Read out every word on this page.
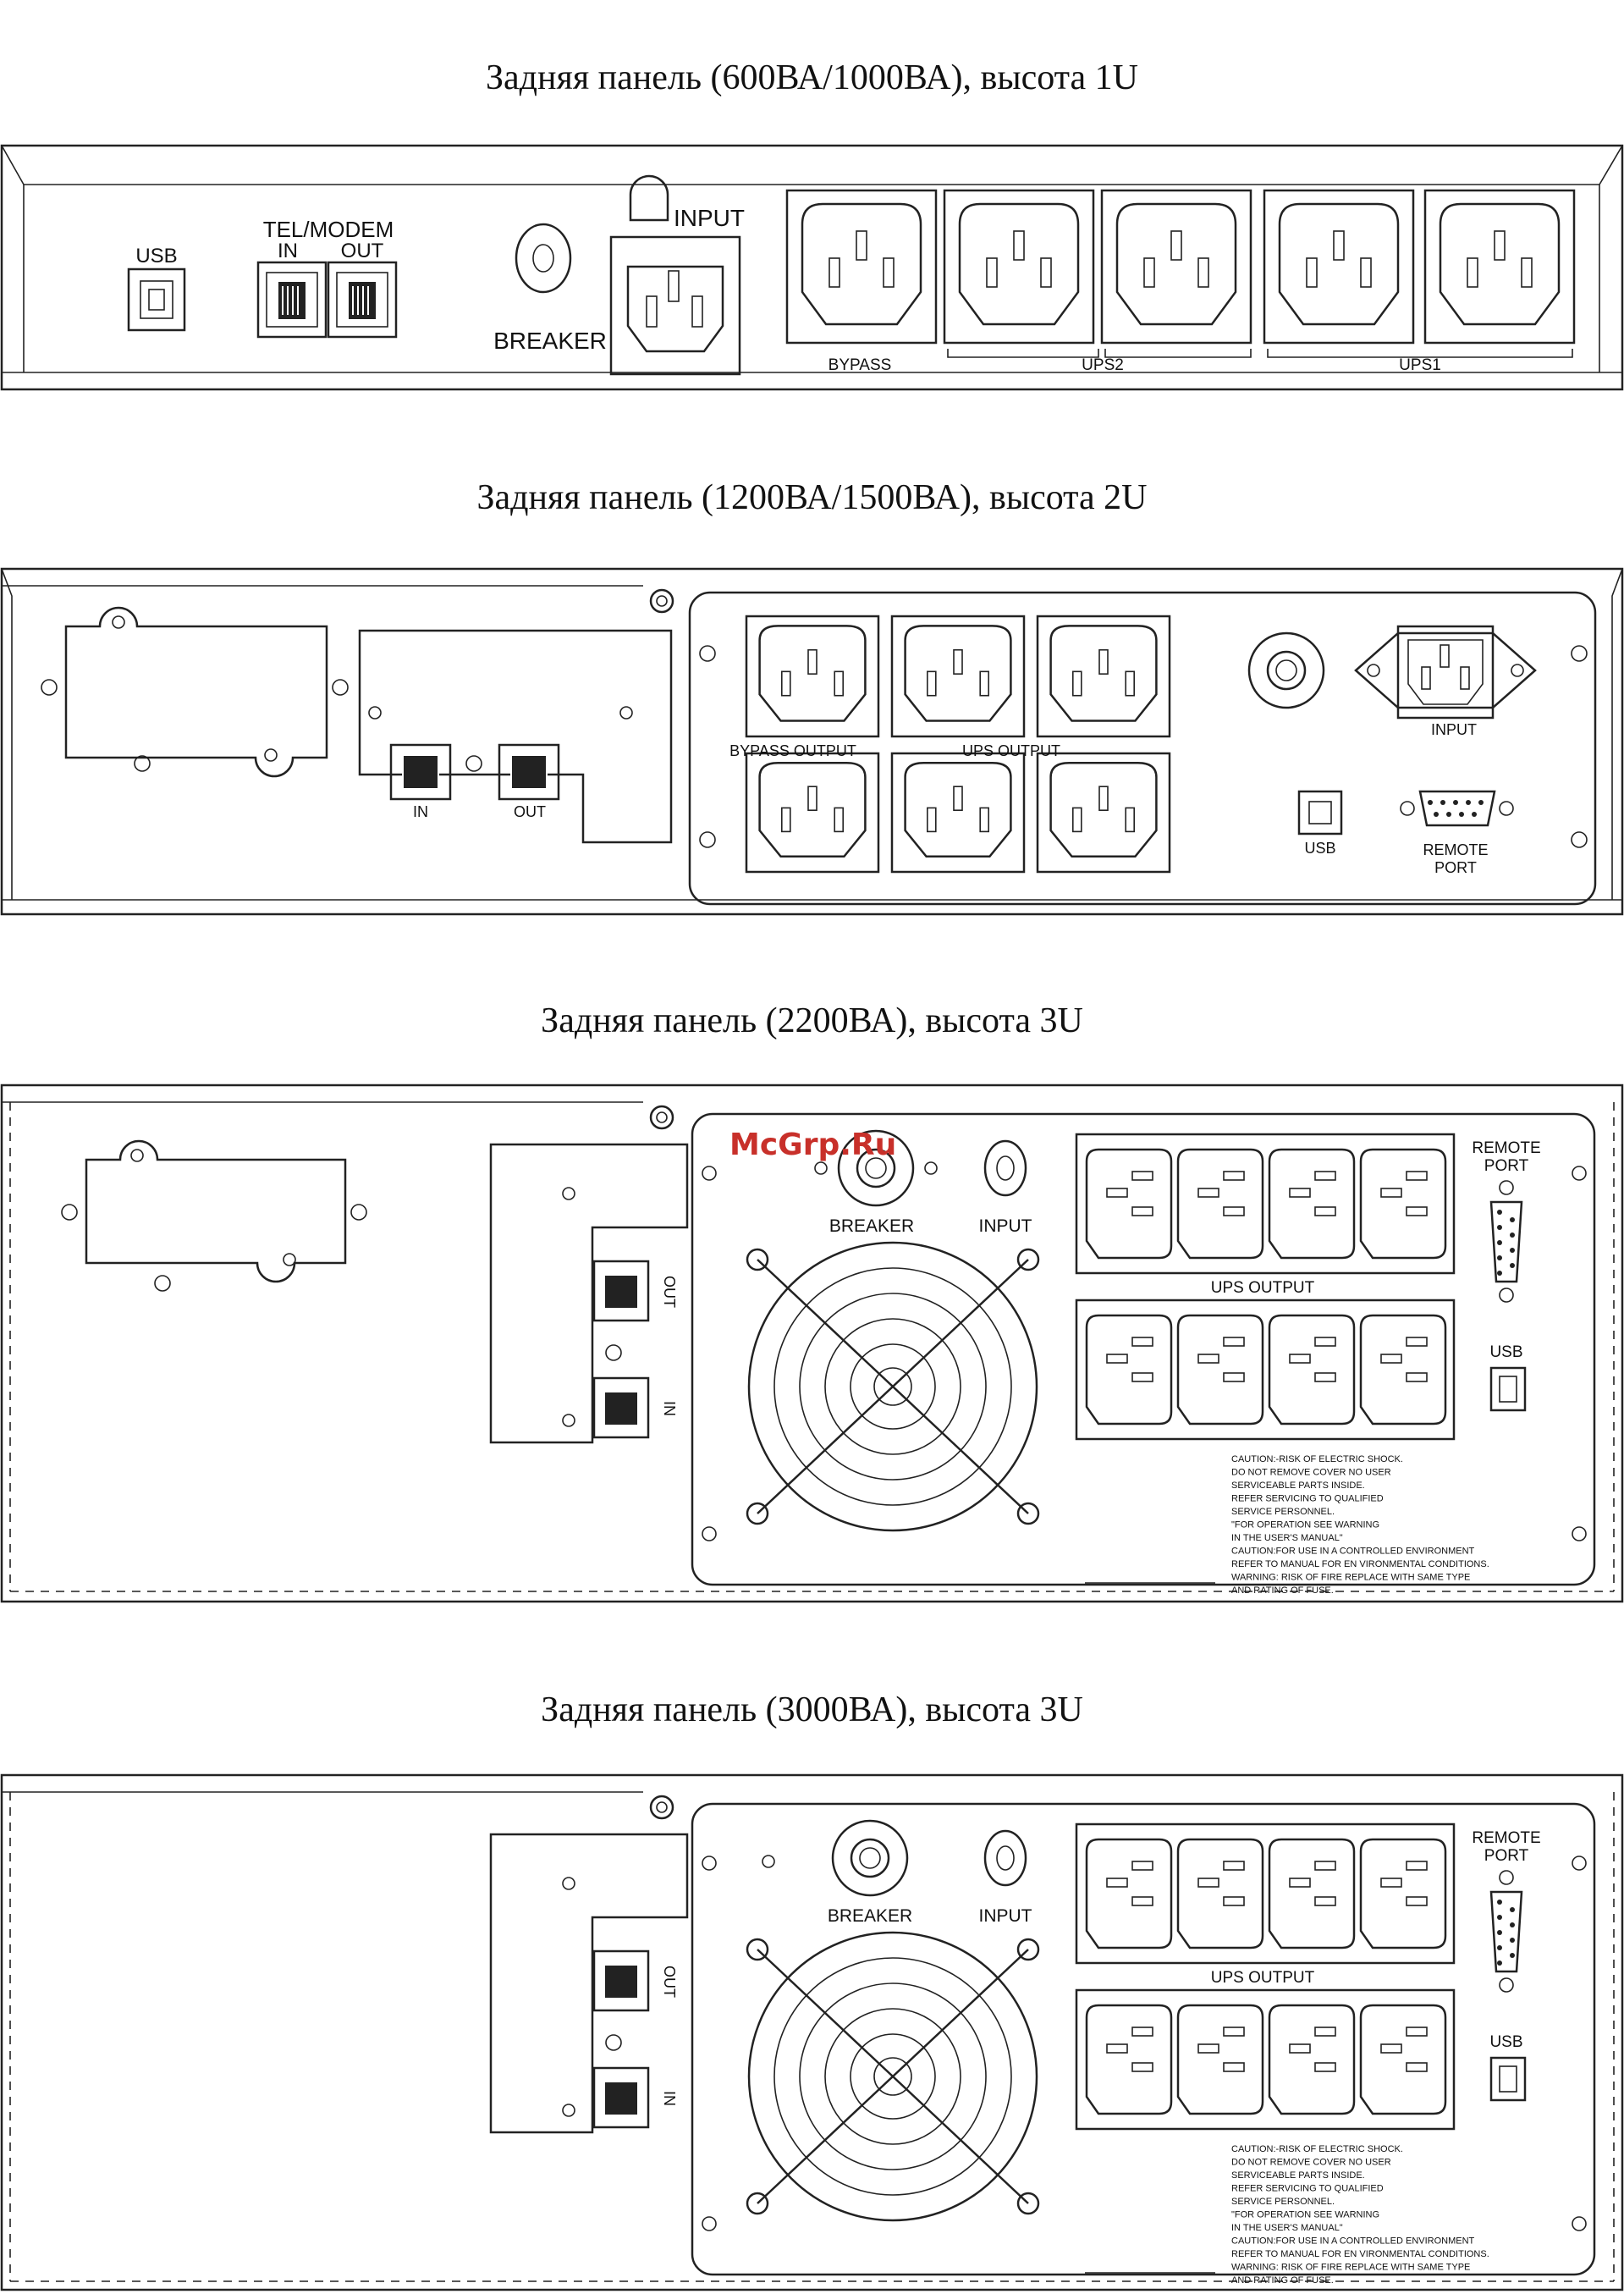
Задняя панель (600ВА/1000ВА), высота 1U
Задняя панель (1200ВА/1500ВА), высота 2U
Задняя панель (2200ВА), высота 3U
Задняя панель (3000ВА), высота 3U
USB
TEL/MODEM
IN OUT
BREAKER
INPUT
BYPASS	UPS2	UPS1
IN	OUT
BYPASS OUTPUT	UPS OUTPUT
INPUT
USB	REMOTE
PORT
OUT
IN
BREAKER	INPUT
UPS OUTPUT
REMOTE
PORT
USB
CAUTION:-RISK OF ELECTRIC SHOCK.
DO NOT REMOVE COVER NO USER
SERVICEABLE PARTS INSIDE.
REFER SERVICING TO QUALIFIED
SERVICE PERSONNEL.
"FOR OPERATION SEE WARNING
IN THE USER'S MANUAL"
CAUTION:FOR USE IN A CONTROLLED ENVIRONMENT
REFER TO MANUAL FOR EN VIRONMENTAL CONDITIONS.
WARNING: RISK OF FIRE REPLACE WITH SAME TYPE
AND RATING OF FUSE.
McGrp.Ru
OUT
IN
BREAKER	INPUT
UPS OUTPUT
REMOTE
PORT
USB
CAUTION:-RISK OF ELECTRIC SHOCK.
DO NOT REMOVE COVER NO USER
SERVICEABLE PARTS INSIDE.
REFER SERVICING TO QUALIFIED
SERVICE PERSONNEL.
"FOR OPERATION SEE WARNING
IN THE USER'S MANUAL"
CAUTION:FOR USE IN A CONTROLLED ENVIRONMENT
REFER TO MANUAL FOR EN VIRONMENTAL CONDITIONS.
WARNING: RISK OF FIRE REPLACE WITH SAME TYPE
AND RATING OF FUSE.
